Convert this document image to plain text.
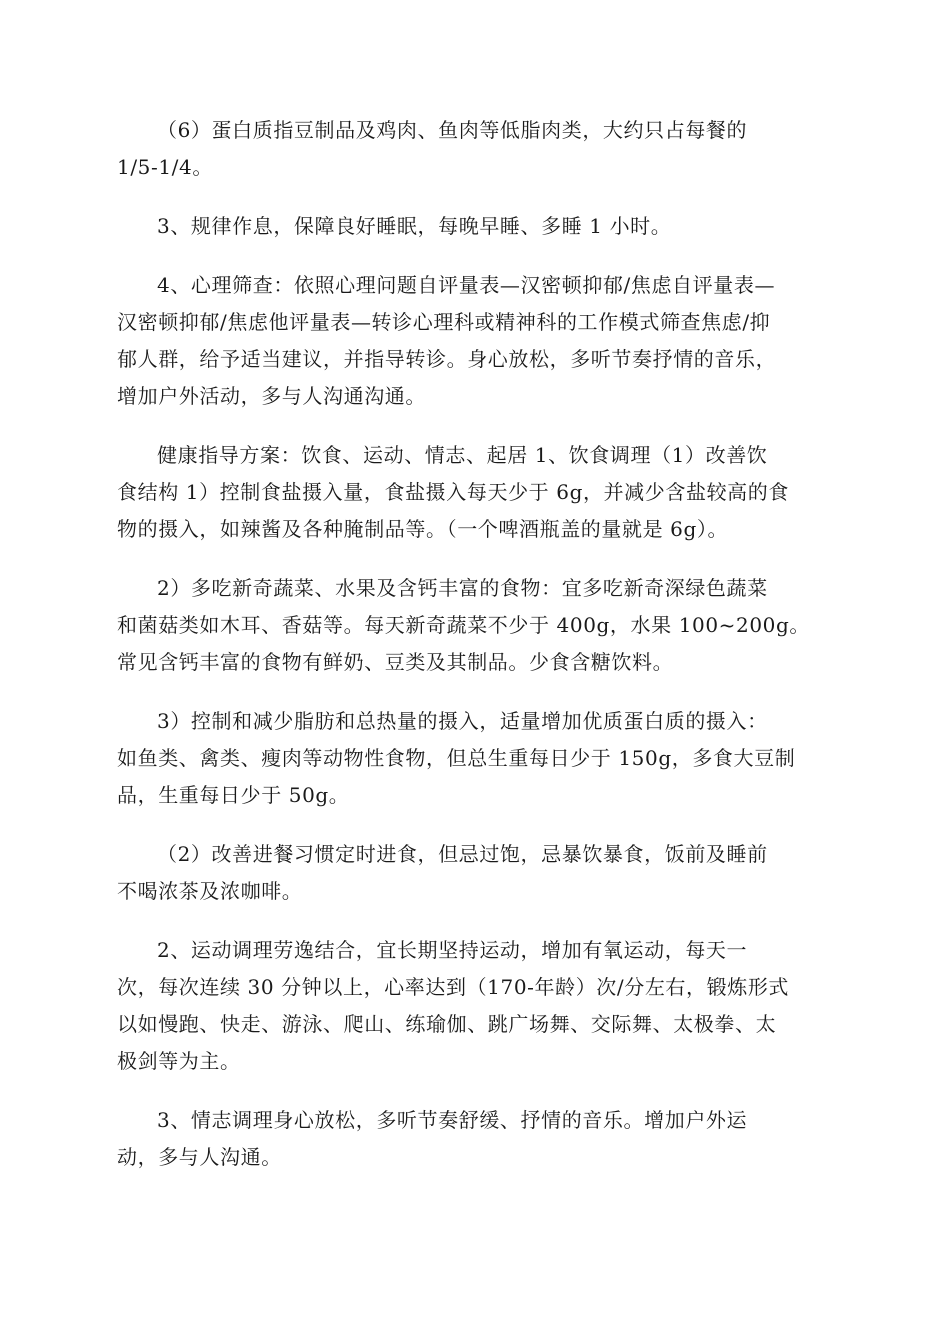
（6）蛋白质指豆制品及鸡肉、鱼肉等低脂肉类，大约只占每餐的
1/5-1/4。

3、规律作息，保障良好睡眠，每晚早睡、多睡 1 小时。

4、心理筛查：依照心理问题自评量表—汉密顿抑郁/焦虑自评量表—
汉密顿抑郁/焦虑他评量表—转诊心理科或精神科的工作模式筛查焦虑/抑
郁人群，给予适当建议，并指导转诊。身心放松，多听节奏抒情的音乐，
增加户外活动，多与人沟通沟通。

健康指导方案：饮食、运动、情志、起居 1、饮食调理（1）改善饮
食结构 1）控制食盐摄入量，食盐摄入每天少于 6g，并减少含盐较高的食
物的摄入，如辣酱及各种腌制品等。（一个啤酒瓶盖的量就是 6g）。

2）多吃新奇蔬菜、水果及含钙丰富的食物：宜多吃新奇深绿色蔬菜
和菌菇类如木耳、香菇等。每天新奇蔬菜不少于 400g，水果 100~200g。
常见含钙丰富的食物有鲜奶、豆类及其制品。少食含糖饮料。

3）控制和减少脂肪和总热量的摄入，适量增加优质蛋白质的摄入：
如鱼类、禽类、瘦肉等动物性食物，但总生重每日少于 150g，多食大豆制
品，生重每日少于 50g。

（2）改善进餐习惯定时进食，但忌过饱，忌暴饮暴食，饭前及睡前
不喝浓茶及浓咖啡。

2、运动调理劳逸结合，宜长期坚持运动，增加有氧运动，每天一
次，每次连续 30 分钟以上，心率达到（170-年龄）次/分左右，锻炼形式
以如慢跑、快走、游泳、爬山、练瑜伽、跳广场舞、交际舞、太极拳、太
极剑等为主。

3、情志调理身心放松，多听节奏舒缓、抒情的音乐。增加户外运
动，多与人沟通。
